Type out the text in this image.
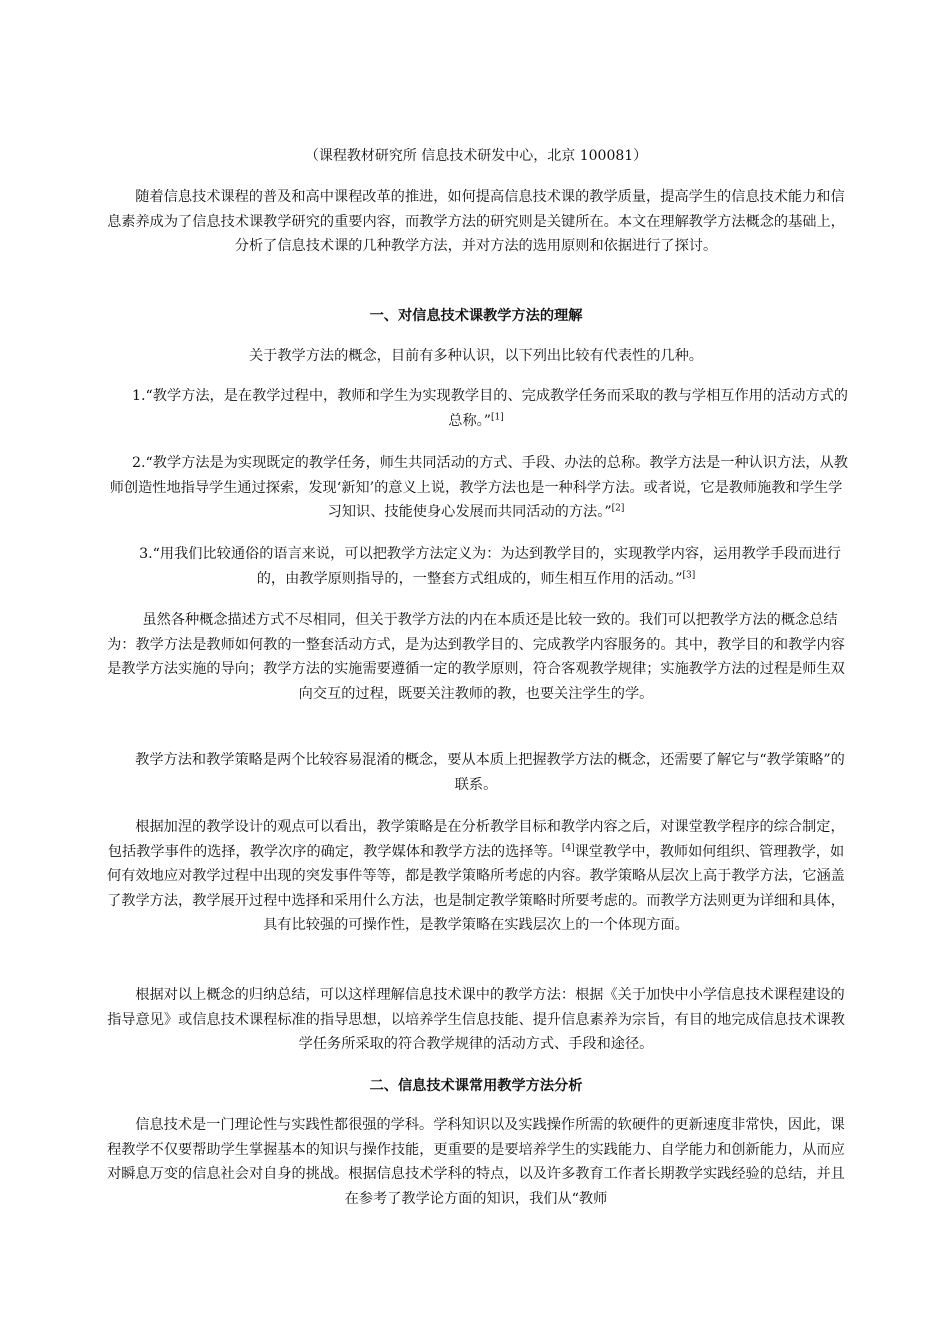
（课程教材研究所 信息技术研发中心，北京 100081）

随着信息技术课程的普及和高中课程改革的推进，如何提高信息技术课的教学质量，提高学生的信息技术能力和信息素养成为了信息技术课教学研究的重要内容，而教学方法的研究则是关键所在。本文在理解教学方法概念的基础上，分析了信息技术课的几种教学方法，并对方法的选用原则和依据进行了探讨。

一、对信息技术课教学方法的理解

关于教学方法的概念，目前有多种认识，以下列出比较有代表性的几种。

1.“教学方法，是在教学过程中，教师和学生为实现教学目的、完成教学任务而采取的教与学相互作用的活动方式的总称。”[1]

2.“教学方法是为实现既定的教学任务，师生共同活动的方式、手段、办法的总称。教学方法是一种认识方法，从教师创造性地指导学生通过探索，发现‘新知’的意义上说，教学方法也是一种科学方法。或者说，它是教师施教和学生学习知识、技能使身心发展而共同活动的方法。”[2]

3.“用我们比较通俗的语言来说，可以把教学方法定义为：为达到教学目的，实现教学内容，运用教学手段而进行的，由教学原则指导的，一整套方式组成的，师生相互作用的活动。”[3]

虽然各种概念描述方式不尽相同，但关于教学方法的内在本质还是比较一致的。我们可以把教学方法的概念总结为：教学方法是教师如何教的一整套活动方式，是为达到教学目的、完成教学内容服务的。其中，教学目的和教学内容是教学方法实施的导向；教学方法的实施需要遵循一定的教学原则，符合客观教学规律；实施教学方法的过程是师生双向交互的过程，既要关注教师的教，也要关注学生的学。

教学方法和教学策略是两个比较容易混淆的概念，要从本质上把握教学方法的概念，还需要了解它与“教学策略”的联系。

根据加涅的教学设计的观点可以看出，教学策略是在分析教学目标和教学内容之后，对课堂教学程序的综合制定，包括教学事件的选择，教学次序的确定，教学媒体和教学方法的选择等。[4]课堂教学中，教师如何组织、管理教学，如何有效地应对教学过程中出现的突发事件等等，都是教学策略所考虑的内容。教学策略从层次上高于教学方法，它涵盖了教学方法，教学展开过程中选择和采用什么方法，也是制定教学策略时所要考虑的。而教学方法则更为详细和具体，具有比较强的可操作性，是教学策略在实践层次上的一个体现方面。

根据对以上概念的归纳总结，可以这样理解信息技术课中的教学方法：根据《关于加快中小学信息技术课程建设的指导意见》或信息技术课程标准的指导思想，以培养学生信息技能、提升信息素养为宗旨，有目的地完成信息技术课教学任务所采取的符合教学规律的活动方式、手段和途径。

二、信息技术课常用教学方法分析

信息技术是一门理论性与实践性都很强的学科。学科知识以及实践操作所需的软硬件的更新速度非常快，因此，课程教学不仅要帮助学生掌握基本的知识与操作技能，更重要的是要培养学生的实践能力、自学能力和创新能力，从而应对瞬息万变的信息社会对自身的挑战。根据信息技术学科的特点，以及许多教育工作者长期教学实践经验的总结，并且在参考了教学论方面的知识，我们从“教师
